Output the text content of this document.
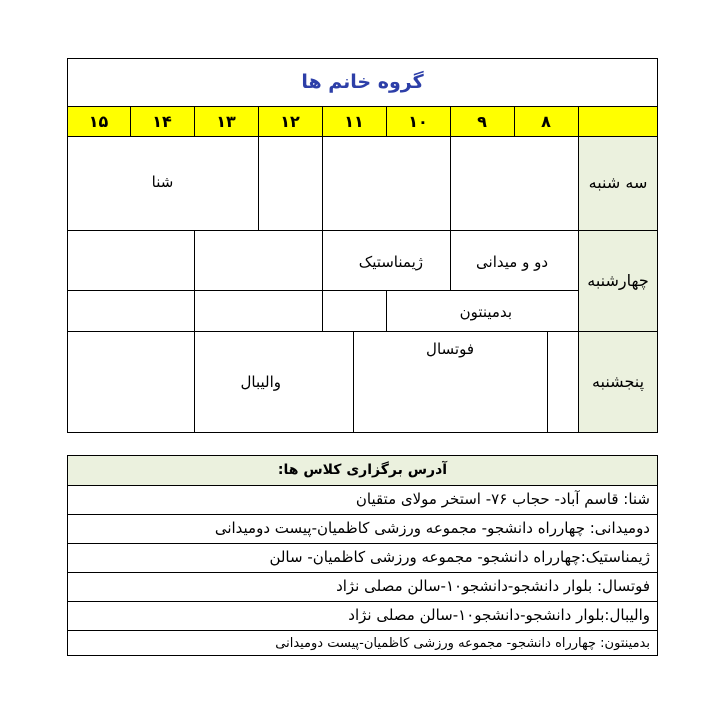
گروه خانم ها
۸
۹
۱۰
۱۱
۱۲
۱۳
۱۴
۱۵
سه شنبه
چهارشنبه
پنجشنبه
شنا
دو و میدانی
ژیمناستیک
بدمینتون
فوتسال
والیبال
آدرس برگزاری کلاس ها:
شنا: قاسم آباد- حجاب ۷۶- استخر مولای متقیان
دومیدانی: چهارراه دانشجو- مجموعه ورزشی کاظمیان-پیست دومیدانی
ژیمناستیک:چهارراه دانشجو- مجموعه ورزشی کاظمیان- سالن
فوتسال: بلوار دانشجو-دانشجو۱۰-سالن مصلی نژاد
والیبال:بلوار دانشجو-دانشجو۱۰-سالن مصلی نژاد
بدمینتون: چهارراه دانشجو- مجموعه ورزشی کاظمیان-پیست دومیدانی
